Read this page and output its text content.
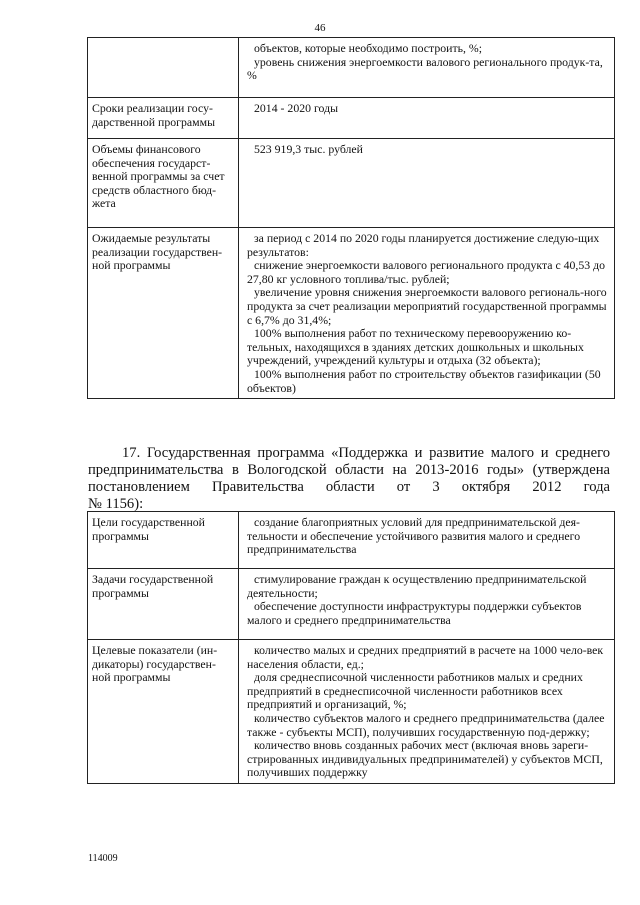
46

	объектов, которые необходимо построить, %;
уровень снижения энергоемкости валового регионального продук-та, %

Сроки реализации госу-дарственной программы	2014 - 2020 годы

Объемы финансового обеспечения государст-венной программы за счет средств областного бюд-жета	523 919,3 тыс. рублей

Ожидаемые результаты реализации государствен-ной программы	за период с 2014 по 2020 годы планируется достижение следую-щих результатов:
снижение энергоемкости валового регионального продукта с 40,53 до 27,80 кг условного топлива/тыс. рублей;
увеличение уровня снижения энергоемкости валового региональ-ного продукта за счет реализации мероприятий государственной программы с 6,7% до 31,4%;
100% выполнения работ по техническому перевооружению ко-тельных, находящихся в зданиях детских дошкольных и школьных учреждений, учреждений культуры и отдыха (32 объекта);
100% выполнения работ по строительству объектов газификации (50 объектов)

17. Государственная программа «Поддержка и развитие малого и среднего предпринимательства в Вологодской области на 2013-2016 годы» (утверждена постановлением Правительства области от 3 октября 2012 года

№ 1156):

Цели государственной программы	создание благоприятных условий для предпринимательской дея-тельности и обеспечение устойчивого развития малого и среднего предпринимательства

Задачи государственной программы	стимулирование граждан к осуществлению предпринимательской деятельности;
обеспечение доступности инфраструктуры поддержки субъектов малого и среднего предпринимательства

Целевые показатели (ин-дикаторы) государствен-ной программы	количество малых и средних предприятий в расчете на 1000 чело-век населения области, ед.;
доля среднесписочной численности работников малых и средних предприятий в среднесписочной численности работников всех предприятий и организаций, %;
количество субъектов малого и среднего предпринимательства (далее также - субъекты МСП), получивших государственную под-держку;
количество вновь созданных рабочих мест (включая вновь зареги-стрированных индивидуальных предпринимателей) у субъектов МСП, получивших поддержку
114009
